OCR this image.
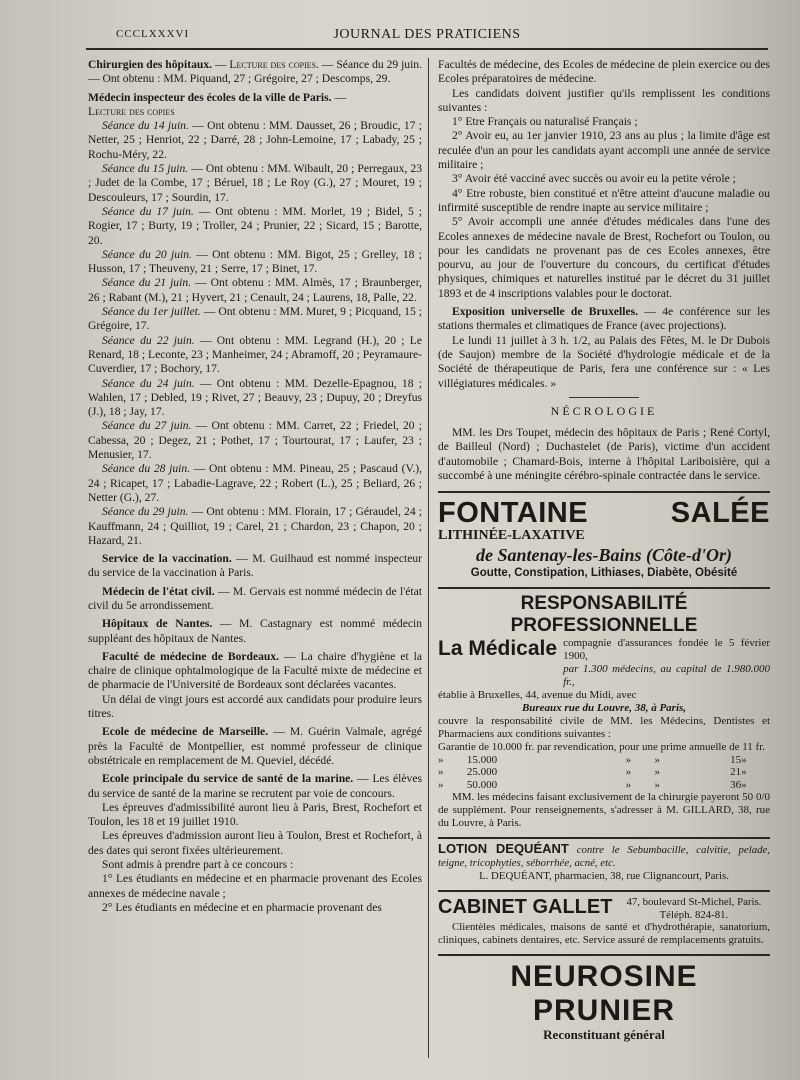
CCCLXXXVI	JOURNAL DES PRATICIENS

Chirurgien des hôpitaux. — Lecture des copies. — Séance du 29 juin. — Ont obtenu : MM. Piquand, 27 ; Grégoire, 27 ; Descomps, 29.

Médecin inspecteur des écoles de la ville de Paris. —

Lecture des copies

Séance du 14 juin. — Ont obtenu : MM. Dausset, 26 ; Broudic, 17 ; Netter, 25 ; Henriot, 22 ; Darré, 28 ; John-Lemoine, 17 ; Labady, 25 ; Rochu-Méry, 22.

Séance du 15 juin. — Ont obtenu : MM. Wibault, 20 ; Perregaux, 23 ; Judet de la Combe, 17 ; Béruel, 18 ; Le Roy (G.), 27 ; Mouret, 19 ; Descouleurs, 17 ; Sourdin, 17.

Séance du 17 juin. — Ont obtenu : MM. Morlet, 19 ; Bidel, 5 ; Rogier, 17 ; Burty, 19 ; Troller, 24 ; Prunier, 22 ; Sicard, 15 ; Barotte, 20.

Séance du 20 juin. — Ont obtenu : MM. Bigot, 25 ; Grelley, 18 ; Husson, 17 ; Theuveny, 21 ; Serre, 17 ; Binet, 17.

Séance du 21 juin. — Ont obtenu : MM. Almès, 17 ; Braunberger, 26 ; Rabant (M.), 21 ; Hyvert, 21 ; Cenault, 24 ; Laurens, 18, Palle, 22.

Séance du 1er juillet. — Ont obtenu : MM. Muret, 9 ; Picquand, 15 ; Grégoire, 17.

Séance du 22 juin. — Ont obtenu : MM. Legrand (H.), 20 ; Le Renard, 18 ; Leconte, 23 ; Manheimer, 24 ; Abramoff, 20 ; Peyramaure-Cuverdier, 17 ; Bochory, 17.

Séance du 24 juin. — Ont obtenu : MM. Dezelle-Epagnou, 18 ; Wahlen, 17 ; Debled, 19 ; Rivet, 27 ; Beauvy, 23 ; Dupuy, 20 ; Dreyfus (J.), 18 ; Jay, 17.

Séance du 27 juin. — Ont obtenu : MM. Carret, 22 ; Friedel, 20 ; Cabessa, 20 ; Degez, 21 ; Pothet, 17 ; Tourtourat, 17 ; Laufer, 23 ; Menusier, 17.

Séance du 28 juin. — Ont obtenu : MM. Pineau, 25 ; Pascaud (V.), 24 ; Ricapet, 17 ; Labadie-Lagrave, 22 ; Robert (L.), 25 ; Beliard, 26 ; Netter (G.), 27.

Séance du 29 juin. — Ont obtenu : MM. Florain, 17 ; Géraudel, 24 ; Kauffmann, 24 ; Quilliot, 19 ; Carel, 21 ; Chardon, 23 ; Chapon, 20 ; Hazard, 21.

Service de la vaccination. — M. Guilhaud est nommé inspecteur du service de la vaccination à Paris.

Médecin de l'état civil. — M. Gervais est nommé médecin de l'état civil du 5e arrondissement.

Hôpitaux de Nantes. — M. Castagnary est nommé médecin suppléant des hôpitaux de Nantes.

Faculté de médecine de Bordeaux. — La chaire d'hygiène et la chaire de clinique ophtalmologique de la Faculté mixte de médecine et de pharmacie de l'Université de Bordeaux sont déclarées vacantes.

Un délai de vingt jours est accordé aux candidats pour produire leurs titres.

Ecole de médecine de Marseille. — M. Guérin Valmale, agrégé près la Faculté de Montpellier, est nommé professeur de clinique obstétricale en remplacement de M. Queviel, décédé.

Ecole principale du service de santé de la marine. — Les élèves du service de santé de la marine se recrutent par voie de concours.

Les épreuves d'admissibilité auront lieu à Paris, Brest, Rochefort et Toulon, les 18 et 19 juillet 1910.

Les épreuves d'admission auront lieu à Toulon, Brest et Rochefort, à des dates qui seront fixées ultérieurement.

Sont admis à prendre part à ce concours :

1° Les étudiants en médecine et en pharmacie provenant des Ecoles annexes de médecine navale ;

2° Les étudiants en médecine et en pharmacie provenant des

Facultés de médecine, des Ecoles de médecine de plein exercice ou des Ecoles préparatoires de médecine.

Les candidats doivent justifier qu'ils remplissent les conditions suivantes :

1° Etre Français ou naturalisé Français ;

2° Avoir eu, au 1er janvier 1910, 23 ans au plus ; la limite d'âge est reculée d'un an pour les candidats ayant accompli une année de service militaire ;

3° Avoir été vacciné avec succès ou avoir eu la petite vérole ;

4° Etre robuste, bien constitué et n'être atteint d'aucune maladie ou infirmité susceptible de rendre inapte au service militaire ;

5° Avoir accompli une année d'études médicales dans l'une des Ecoles annexes de médecine navale de Brest, Rochefort ou Toulon, ou pour les candidats ne provenant pas de ces Ecoles annexes, être pourvu, au jour de l'ouverture du concours, du certificat d'études physiques, chimiques et naturelles institué par le décret du 31 juillet 1893 et de 4 inscriptions valables pour le doctorat.

Exposition universelle de Bruxelles. — 4e conférence sur les stations thermales et climatiques de France (avec projections).

Le lundi 11 juillet à 3 h. 1/2, au Palais des Fêtes, M. le Dr Dubois (de Saujon) membre de la Société d'hydrologie médicale et de la Société de thérapeutique de Paris, fera une conférence sur : « Les villégiatures médicales. »

NÉCROLOGIE

MM. les Drs Toupet, médecin des hôpitaux de Paris ; René Cortyl, de Bailleul (Nord) ; Duchastelet (de Paris), victime d'un accident d'automobile ; Chamard-Bois, interne à l'hôpital Lariboisière, qui a succombé à une méningite cérébro-spinale contractée dans le service.

FONTAINE SALÉE LITHINÉE-LAXATIVE
de Santenay-les-Bains (Côte-d'Or)
Goutte, Constipation, Lithiases, Diabète, Obésité
RESPONSABILITÉ PROFESSIONNELLE
La Médicale compagnie d'assurances fondée le 5 février 1900,
par 1.300 médecins, au capital de 1.980.000 fr.,
établie à Bruxelles, 44, avenue du Midi, avec
Bureaux rue du Louvre, 38, à Paris,
couvre la responsabilité civile de MM. les Médecins, Dentistes et Pharmaciens aux conditions suivantes :
Garantie de 10.000 fr. par revendication, pour une prime annuelle de 11 fr.
»	15.000	»	»	15	»
»	25.000	»	»	21	»
»	50.000	»	»	36	»
MM. les médecins faisant exclusivement de la chirurgie payeront 50 0/0 de supplément. Pour renseignements, s'adresser à M. GILLARD, 38, rue du Louvre, à Paris.
LOTION DEQUÉANT contre le Sebumbacille, calvitie, pelade, teigne, tricophyties, séborrhée, acné, etc.
L. DEQUÉANT, pharmacien, 38, rue Clignancourt, Paris.
CABINET GALLET 47, boulevard St-Michel, Paris.
Téléph. 824-81.
Clientèles médicales, maisons de santé et d'hydrothérapie, sanatorium, cliniques, cabinets dentaires, etc. Service assuré de remplacements gratuits.
NEUROSINE PRUNIER
Reconstituant général
